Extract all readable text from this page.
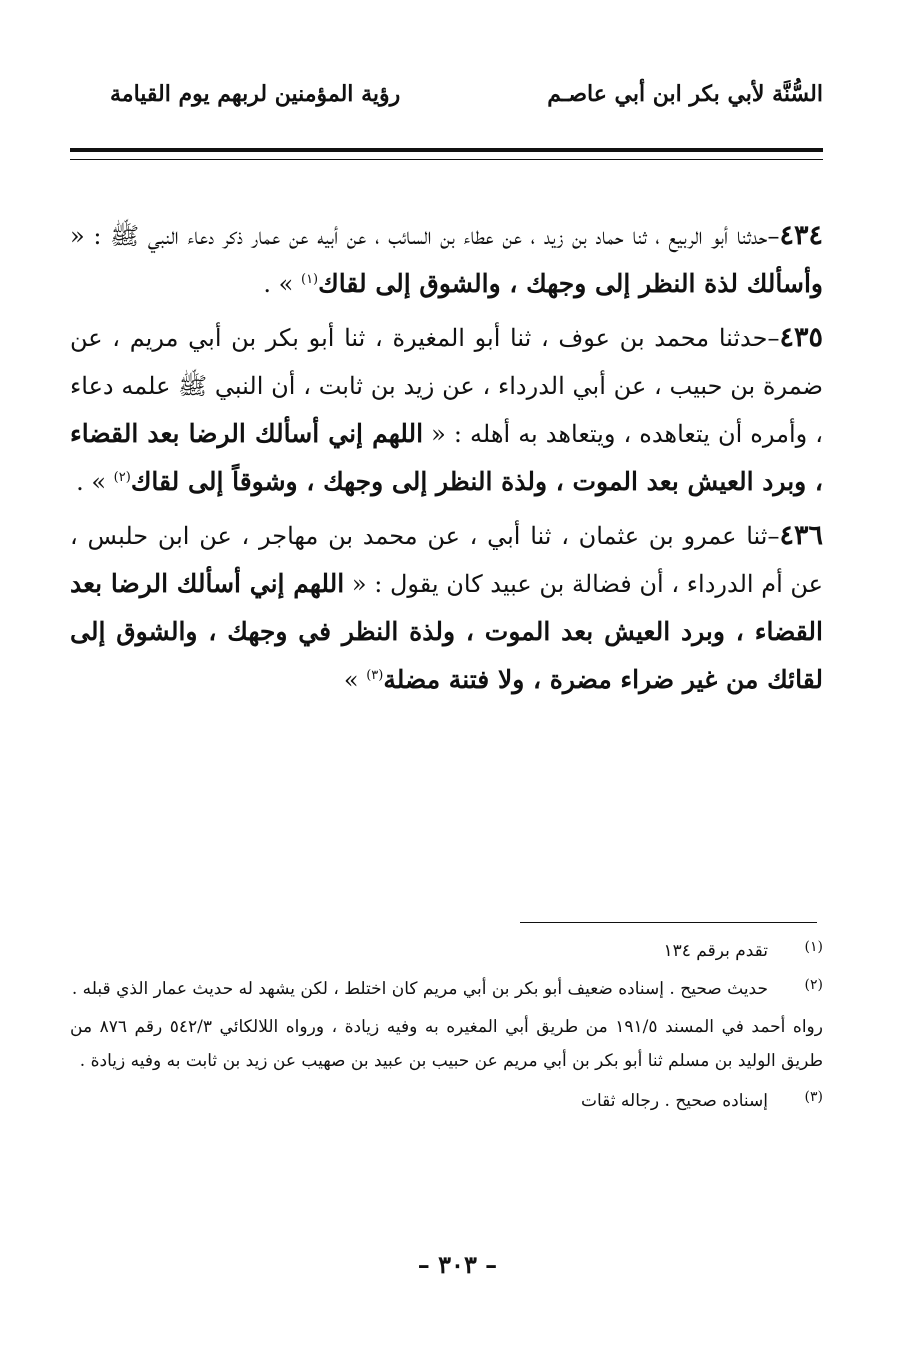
السُّنَّة لأبي بكر ابن أبي عاصـم
رؤية المؤمنين لربهم يوم القيامة

٤٣٤–حدثنا أبو الربيع ، ثنا حماد بن زيد ، عن عطاء بن السائب ، عن أبيه عن عمار ذكر دعاء النبي ﷺ : « وأسألك لذة النظر إلى وجهك ، والشوق إلى لقاك$^{(١)}$ » .

٤٣٥–حدثنا محمد بن عوف ، ثنا أبو المغيرة ، ثنا أبو بكر بن أبي مريم ، عن ضمرة بن حبيب ، عن أبي الدرداء ، عن زيد بن ثابت ، أن النبي ﷺ علمه دعاء ، وأمره أن يتعاهده ، ويتعاهد به أهله : « اللهم إني أسألك الرضا بعد القضاء ، وبرد العيش بعد الموت ، ولذة النظر إلى وجهك ، وشوقاً إلى لقاك$^{(٢)}$ » .

٤٣٦–ثنا عمرو بن عثمان ، ثنا أبي ، عن محمد بن مهاجر ، عن ابن حلبس ، عن أم الدرداء ، أن فضالة بن عبيد كان يقول : « اللهم إني أسألك الرضا بعد القضاء ، وبرد العيش بعد الموت ، ولذة النظر في وجهك ، والشوق إلى لقائك من غير ضراء مضرة ، ولا فتنة مضلة$^{(٣)}$ »

(١)
تقدم برقم ١٣٤
(٢)
حديث صحيح . إسناده ضعيف أبو بكر بن أبي مريم كان اختلط ، لكن يشهد له حديث عمار الذي قبله .
رواه أحمد في المسند ١٩١/٥ من طريق أبي المغيره به وفيه زيادة ، ورواه اللالكائي ٥٤٢/٣ رقم ٨٧٦ من طريق الوليد بن مسلم ثنا أبو بكر بن أبي مريم عن حبيب بن عبيد بن صهيب عن زيد بن ثابت به وفيه زيادة .
(٣)
إسناده صحيح . رجاله ثقات
– ٣٠٣ –
